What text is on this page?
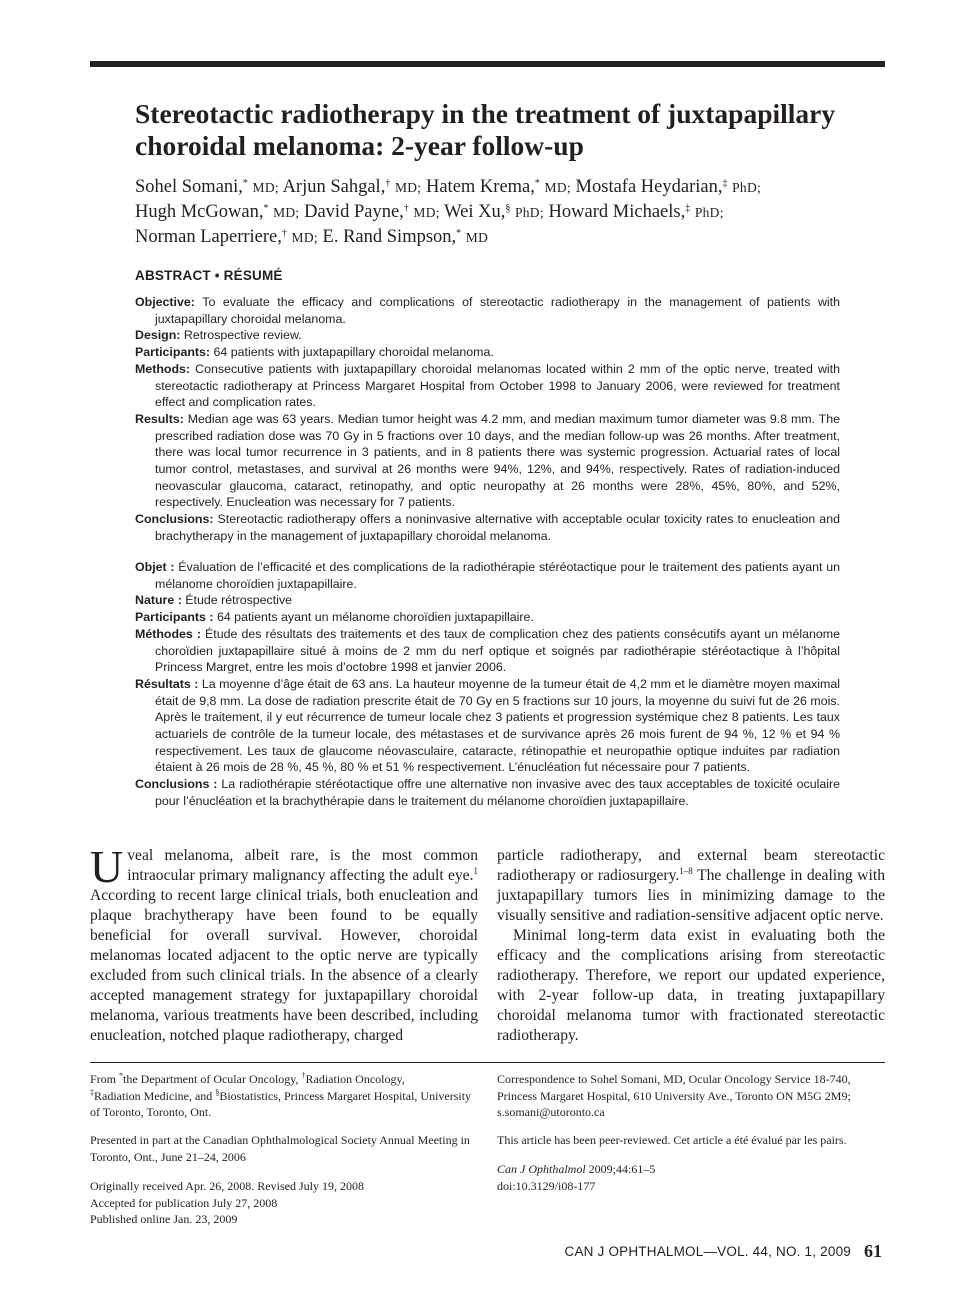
Stereotactic radiotherapy in the treatment of juxtapapillary choroidal melanoma: 2-year follow-up

Sohel Somani,* MD; Arjun Sahgal,† MD; Hatem Krema,* MD; Mostafa Heydarian,‡ PhD;
Hugh McGowan,* MD; David Payne,† MD; Wei Xu,§ PhD; Howard Michaels,‡ PhD;
Norman Laperriere,† MD; E. Rand Simpson,* MD

ABSTRACT • RÉSUMÉ

Objective: To evaluate the efficacy and complications of stereotactic radiotherapy in the management of patients with juxtapapillary choroidal melanoma.

Design: Retrospective review.

Participants: 64 patients with juxtapapillary choroidal melanoma.

Methods: Consecutive patients with juxtapapillary choroidal melanomas located within 2 mm of the optic nerve, treated with stereotactic radiotherapy at Princess Margaret Hospital from October 1998 to January 2006, were reviewed for treatment effect and complication rates.

Results: Median age was 63 years. Median tumor height was 4.2 mm, and median maximum tumor diameter was 9.8 mm. The prescribed radiation dose was 70 Gy in 5 fractions over 10 days, and the median follow-up was 26 months. After treatment, there was local tumor recurrence in 3 patients, and in 8 patients there was systemic progression. Actuarial rates of local tumor control, metastases, and survival at 26 months were 94%, 12%, and 94%, respectively. Rates of radiation-induced neovascular glaucoma, cataract, retinopathy, and optic neuropathy at 26 months were 28%, 45%, 80%, and 52%, respectively. Enucleation was necessary for 7 patients.

Conclusions: Stereotactic radiotherapy offers a noninvasive alternative with acceptable ocular toxicity rates to enucleation and brachytherapy in the management of juxtapapillary choroidal melanoma.

Objet : Évaluation de l’efficacité et des complications de la radiothérapie stéréotactique pour le traitement des patients ayant un mélanome choroïdien juxtapapillaire.

Nature : Étude rétrospective

Participants : 64 patients ayant un mélanome choroïdien juxtapapillaire.

Méthodes : Étude des résultats des traitements et des taux de complication chez des patients consécutifs ayant un mélanome choroïdien juxtapapillaire situé à moins de 2 mm du nerf optique et soignés par radiothérapie stéréotactique à l’hôpital Princess Margret, entre les mois d’octobre 1998 et janvier 2006.

Résultats : La moyenne d’âge était de 63 ans. La hauteur moyenne de la tumeur était de 4,2 mm et le diamètre moyen maximal était de 9,8 mm. La dose de radiation prescrite était de 70 Gy en 5 fractions sur 10 jours, la moyenne du suivi fut de 26 mois. Après le traitement, il y eut récurrence de tumeur locale chez 3 patients et progression systémique chez 8 patients. Les taux actuariels de contrôle de la tumeur locale, des métastases et de survivance après 26 mois furent de 94 %, 12 % et 94 % respectivement. Les taux de glaucome néovasculaire, cataracte, rétinopathie et neuropathie optique induites par radiation étaient à 26 mois de 28 %, 45 %, 80 % et 51 % respectivement. L’énucléation fut nécessaire pour 7 patients.

Conclusions : La radiothérapie stéréotactique offre une alternative non invasive avec des taux acceptables de toxicité oculaire pour l’énucléation et la brachythérapie dans le traitement du mélanome choroïdien juxtapapillaire.

Uveal melanoma, albeit rare, is the most common intraocular primary malignancy affecting the adult eye.$^1$ According to recent large clinical trials, both enucleation and plaque brachytherapy have been found to be equally beneficial for overall survival. However, choroidal melanomas located adjacent to the optic nerve are typically excluded from such clinical trials. In the absence of a clearly accepted management strategy for juxtapapillary choroidal melanoma, various treatments have been described, including enucleation, notched plaque radiotherapy, charged

particle radiotherapy, and external beam stereotactic radiotherapy or radiosurgery.$^{1-8}$ The challenge in dealing with juxtapapillary tumors lies in minimizing damage to the visually sensitive and radiation-sensitive adjacent optic nerve.

Minimal long-term data exist in evaluating both the efficacy and the complications arising from stereotactic radiotherapy. Therefore, we report our updated experience, with 2-year follow-up data, in treating juxtapapillary choroidal melanoma tumor with fractionated stereotactic radiotherapy.

From *the Department of Ocular Oncology, †Radiation Oncology,
‡Radiation Medicine, and §Biostatistics, Princess Margaret Hospital, University of Toronto, Toronto, Ont.

Presented in part at the Canadian Ophthalmological Society Annual Meeting in Toronto, Ont., June 21–24, 2006

Originally received Apr. 26, 2008. Revised July 19, 2008
Accepted for publication July 27, 2008
Published online Jan. 23, 2009

Correspondence to Sohel Somani, MD, Ocular Oncology Service 18-740, Princess Margaret Hospital, 610 University Ave., Toronto ON M5G 2M9; s.somani@utoronto.ca

This article has been peer-reviewed. Cet article a été évalué par les pairs.

Can J Ophthalmol 2009;44:61–5
doi:10.3129/i08-177

CAN J OPHTHALMOL—VOL. 44, NO. 1, 2009 61
